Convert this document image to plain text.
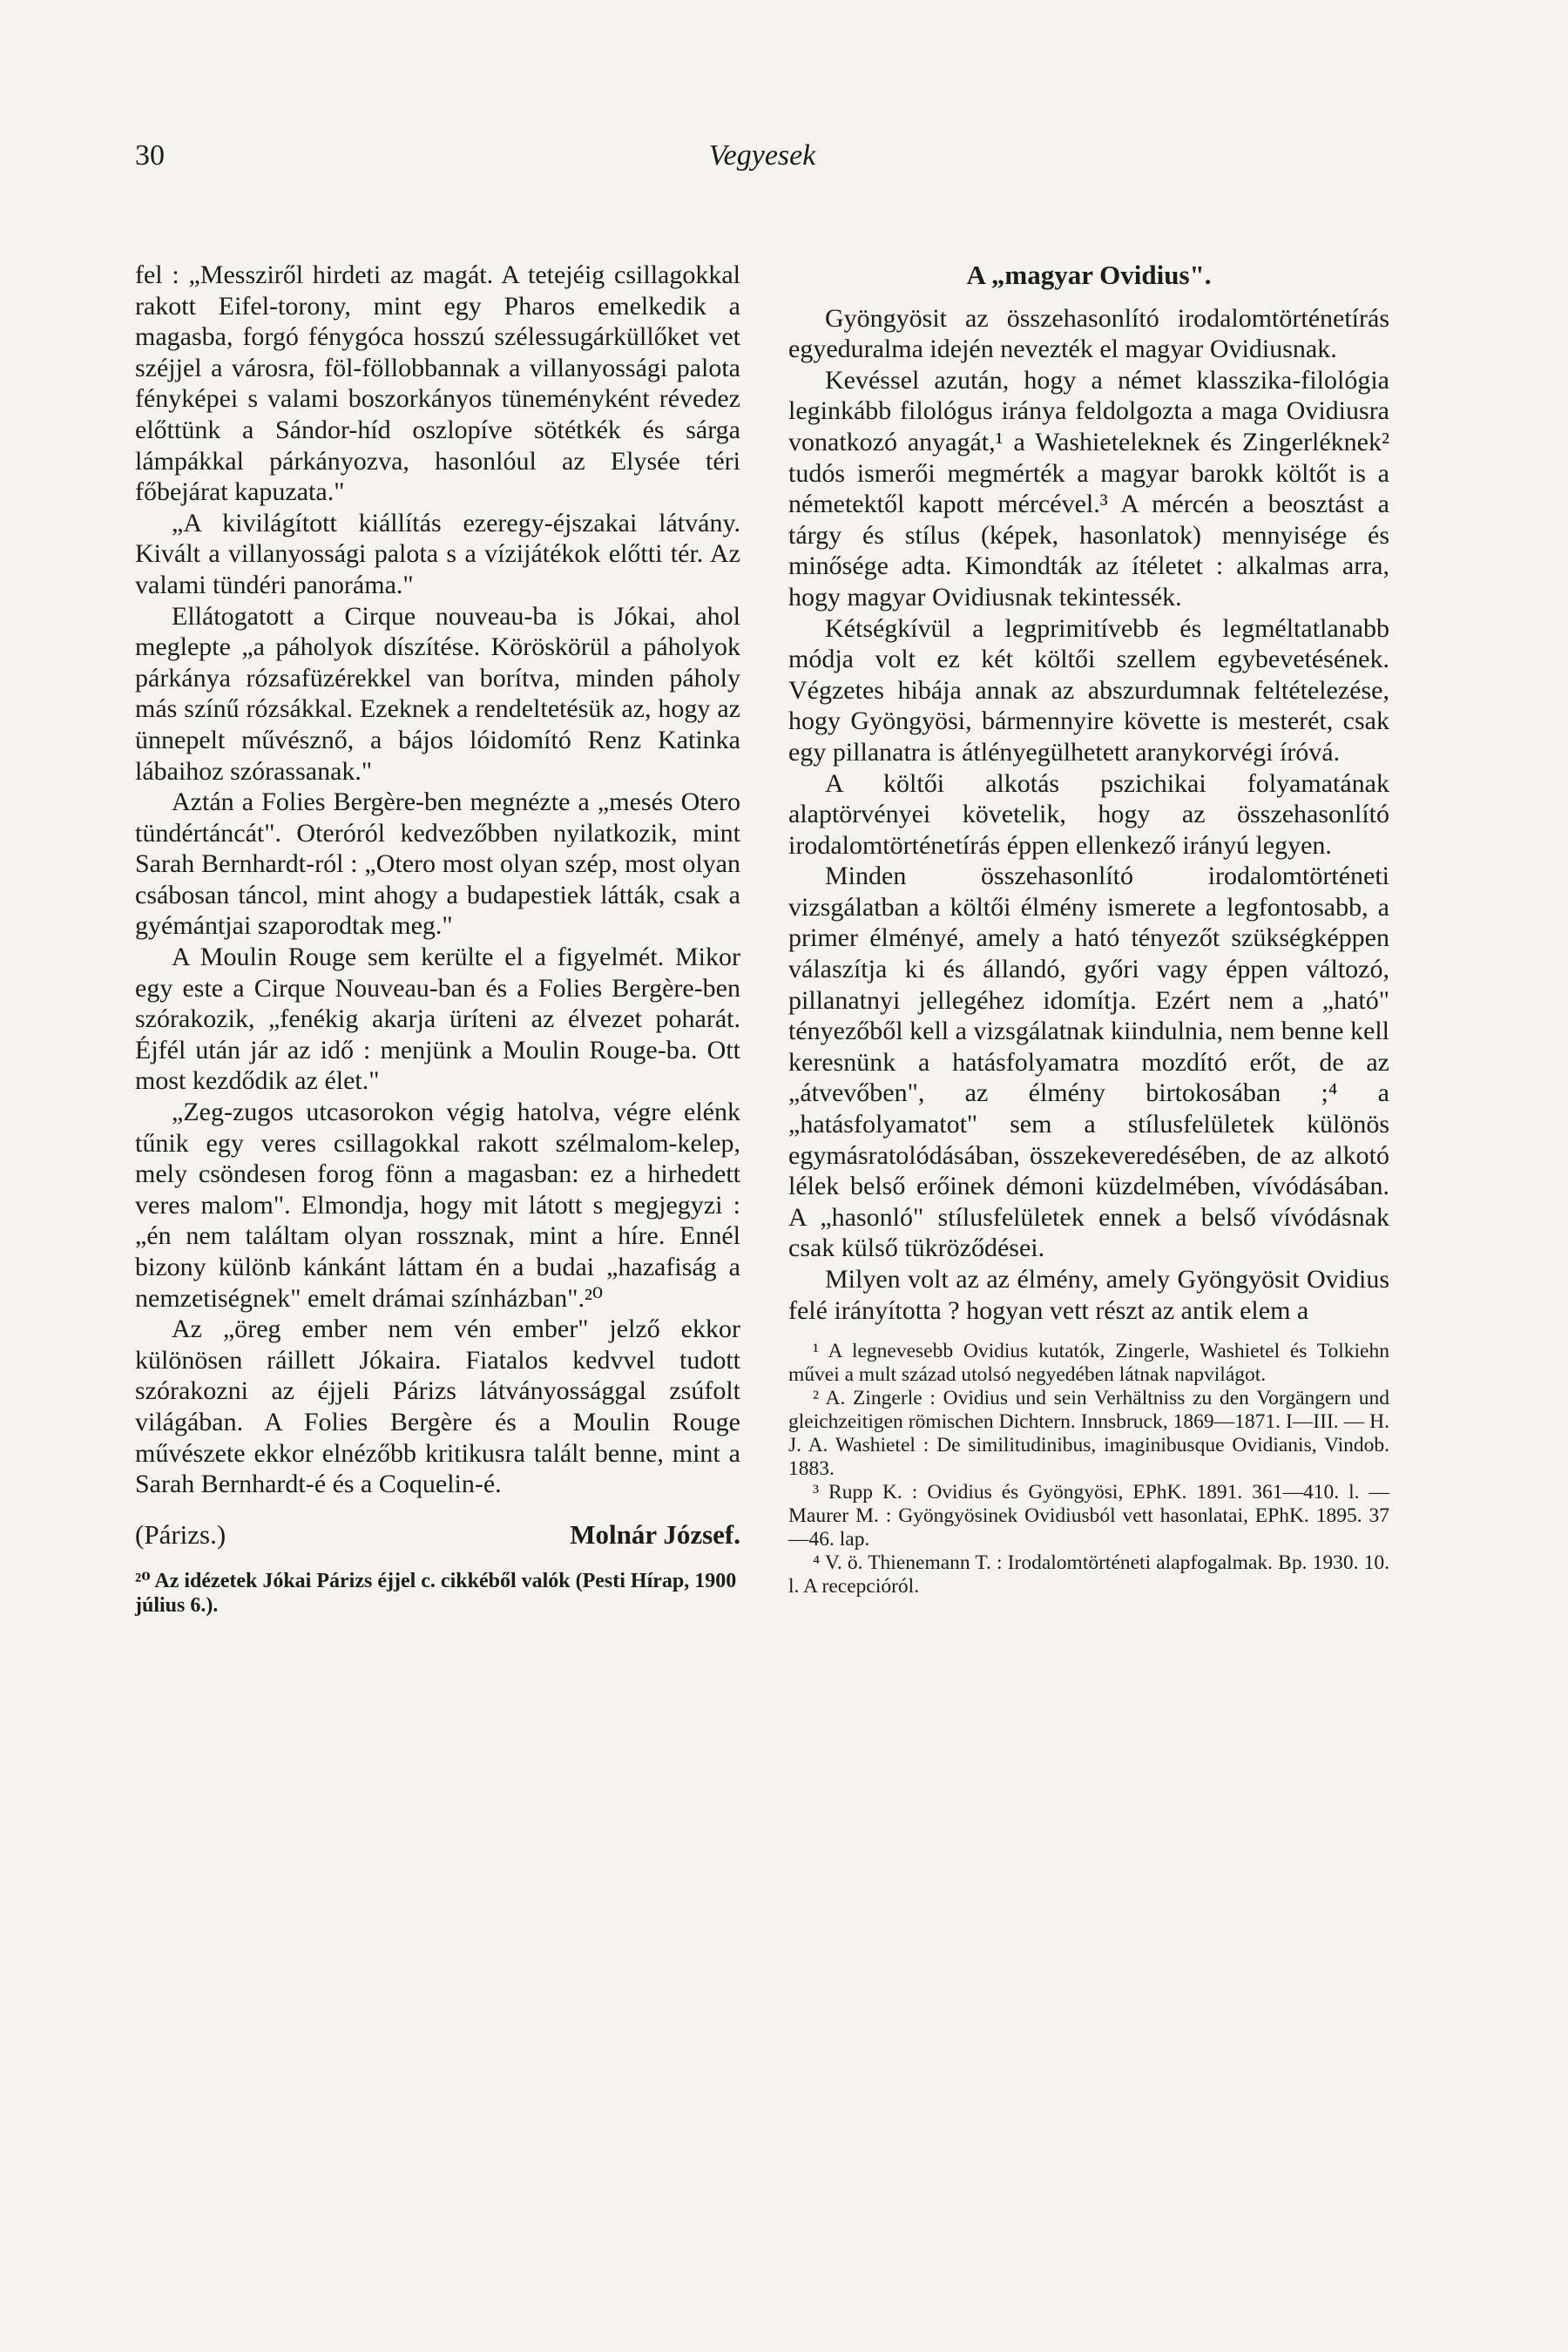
30	Vegyesek

fel : „Messziről hirdeti az magát. A tetejéig csillagokkal rakott Eifel-torony, mint egy Pharos emelkedik a magasba, forgó fénygóca hosszú szélessugárküllőket vet széjjel a városra, föl-föllobbannak a villanyossági palota fényképei s valami boszorkányos tüneményként révedez előttünk a Sándor-híd oszlopíve sötétkék és sárga lámpákkal párkányozva, hasonlóul az Elysée téri főbejárat kapuzata."

„A kivilágított kiállítás ezeregy-éjszakai látvány. Kivált a villanyossági palota s a vízijátékok előtti tér. Az valami tündéri panoráma."

Ellátogatott a Cirque nouveau-ba is Jókai, ahol meglepte „a páholyok díszítése. Köröskörül a páholyok párkánya rózsafüzérekkel van borítva, minden páholy más színű rózsákkal. Ezeknek a rendeltetésük az, hogy az ünnepelt művésznő, a bájos lóidomító Renz Katinka lábaihoz szórassanak."

Aztán a Folies Bergère-ben megnézte a „mesés Otero tündértáncát". Oteróról kedvezőbben nyilatkozik, mint Sarah Bernhardt-ról : „Otero most olyan szép, most olyan csábosan táncol, mint ahogy a budapestiek látták, csak a gyémántjai szaporodtak meg."

A Moulin Rouge sem kerülte el a figyelmét. Mikor egy este a Cirque Nouveau-ban és a Folies Bergère-ben szórakozik, „fenékig akarja üríteni az élvezet poharát. Éjfél után jár az idő : menjünk a Moulin Rouge-ba. Ott most kezdődik az élet."

„Zeg-zugos utcasorokon végig hatolva, végre elénk tűnik egy veres csillagokkal rakott szélmalom-kelep, mely csöndesen forog fönn a magasban: ez a hirhedett veres malom". Elmondja, hogy mit látott s megjegyzi : „én nem találtam olyan rossznak, mint a híre. Ennél bizony különb kánkánt láttam én a budai „hazafiság a nemzetiségnek" emelt drámai színházban".²⁰

Az „öreg ember nem vén ember" jelző ekkor különösen ráillett Jókaira. Fiatalos kedvvel tudott szórakozni az éjjeli Párizs látványossággal zsúfolt világában. A Folies Bergère és a Moulin Rouge művészete ekkor elnézőbb kritikusra talált benne, mint a Sarah Bernhardt-é és a Coquelin-é.

(Párizs.)	Molnár József.
²⁰ Az idézetek Jókai Párizs éjjel c. cikkéből valók (Pesti Hírap, 1900 július 6.).
A „magyar Ovidius".

Gyöngyösit az összehasonlító irodalomtörténetírás egyeduralma idején nevezték el magyar Ovidiusnak.

Kevéssel azután, hogy a német klasszika-filológia leginkább filológus iránya feldolgozta a maga Ovidiusra vonatkozó anyagát,¹ a Washieteleknek és Zingerléknek² tudós ismerői megmérték a magyar barokk költőt is a németektől kapott mércével.³ A mércén a beosztást a tárgy és stílus (képek, hasonlatok) mennyisége és minősége adta. Kimondták az ítéletet : alkalmas arra, hogy magyar Ovidiusnak tekintessék.

Kétségkívül a legprimitívebb és legméltatlanabb módja volt ez két költői szellem egybevetésének. Végzetes hibája annak az abszurdumnak feltételezése, hogy Gyöngyösi, bármennyire követte is mesterét, csak egy pillanatra is átlényegülhetett aranykorvégi íróvá.

A költői alkotás pszichikai folyamatának alaptörvényei követelik, hogy az összehasonlító irodalomtörténetírás éppen ellenkező irányú legyen.

Minden összehasonlító irodalomtörténeti vizsgálatban a költői élmény ismerete a legfontosabb, a primer élményé, amely a ható tényezőt szükségképpen válaszítja ki és állandó, győri vagy éppen változó, pillanatnyi jellegéhez idomítja. Ezért nem a „ható" tényezőből kell a vizsgálatnak kiindulnia, nem benne kell keresnünk a hatásfolyamatra mozdító erőt, de az „átvevőben", az élmény birtokosában ;⁴ a „hatásfolyamatot" sem a stílusfelületek különös egymásratolódásában, összekeveredésében, de az alkotó lélek belső erőinek démoni küzdelmében, vívódásában. A „hasonló" stílusfelületek ennek a belső vívódásnak csak külső tükröződései.

Milyen volt az az élmény, amely Gyöngyösit Ovidius felé irányította ? hogyan vett részt az antik elem a

¹ A legnevesebb Ovidius kutatók, Zingerle, Washietel és Tolkiehn művei a mult század utolsó negyedében látnak napvilágot.

² A. Zingerle : Ovidius und sein Verhältniss zu den Vorgängern und gleichzeitigen römischen Dichtern. Innsbruck, 1869—1871. I—III. — H. J. A. Washietel : De similitudinibus, imaginibusque Ovidianis, Vindob. 1883.

³ Rupp K. : Ovidius és Gyöngyösi, EPhK. 1891. 361—410. l. — Maurer M. : Gyöngyösinek Ovidiusból vett hasonlatai, EPhK. 1895. 37—46. lap.

⁴ V. ö. Thienemann T. : Irodalomtörténeti alapfogalmak. Bp. 1930. 10. l. A recepcióról.
